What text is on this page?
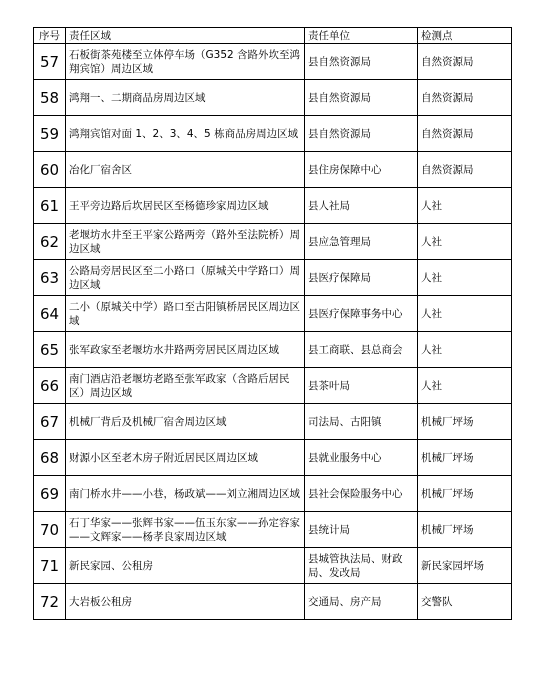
序号	责任区域	责任单位	检测点
57	石板街茶苑楼至立体停车场（G352 含路外坎至鸿翔宾馆）周边区域	县自然资源局	自然资源局
58	鸿翔一、二期商品房周边区域	县自然资源局	自然资源局
59	鸿翔宾馆对面 1、2、3、4、5 栋商品房周边区域	县自然资源局	自然资源局
60	冶化厂宿舍区	县住房保障中心	自然资源局
61	王平旁边路后坎居民区至杨德珍家周边区域	县人社局	人社
62	老堰坊水井至王平家公路两旁（路外至法院桥）周边区域	县应急管理局	人社
63	公路局旁居民区至二小路口（原城关中学路口）周边区域	县医疗保障局	人社
64	二小（原城关中学）路口至古阳镇桥居民区周边区域	县医疗保障事务中心	人社
65	张军政家至老堰坊水井路两旁居民区周边区域	县工商联、县总商会	人社
66	南门酒店沿老堰坊老路至张军政家（含路后居民区）周边区域	县茶叶局	人社
67	机械厂背后及机械厂宿舍周边区域	司法局、古阳镇	机械厂坪场
68	财源小区至老木房子附近居民区周边区域	县就业服务中心	机械厂坪场
69	南门桥水井——小巷，杨政斌——刘立湘周边区域	县社会保险服务中心	机械厂坪场
70	石丁华家——张辉书家——伍玉东家——孙定容家——文辉家——杨孝良家周边区域	县统计局	机械厂坪场
71	新民家园、公租房	县城管执法局、财政局、发改局	新民家园坪场
72	大岩板公租房	交通局、房产局	交警队
